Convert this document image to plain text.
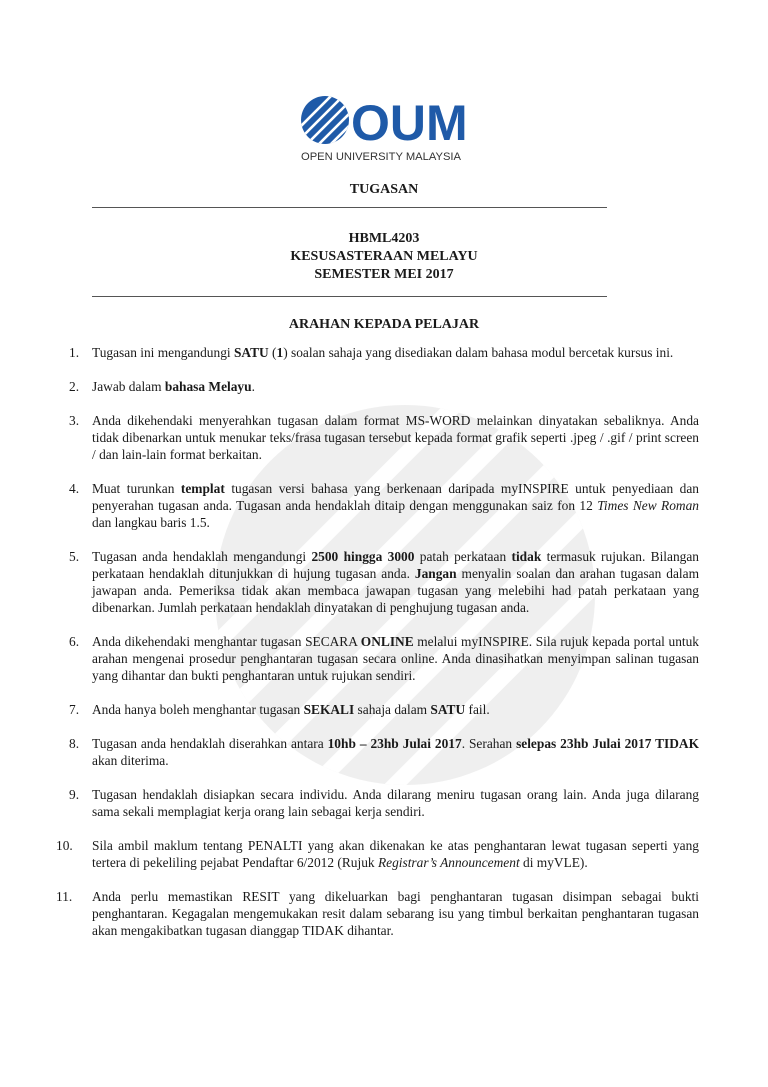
OUM
OPEN UNIVERSITY MALAYSIA
TUGASAN
HBML4203
KESUSASTERAAN MELAYU
SEMESTER MEI 2017
ARAHAN KEPADA PELAJAR
1. Tugasan ini mengandungi SATU (1) soalan sahaja yang disediakan dalam bahasa modul bercetak kursus ini.
2. Jawab dalam bahasa Melayu.
3. Anda dikehendaki menyerahkan tugasan dalam format MS-WORD melainkan dinyatakan sebaliknya. Anda tidak dibenarkan untuk menukar teks/frasa tugasan tersebut kepada format grafik seperti .jpeg / .gif / print screen / dan lain-lain format berkaitan.
4. Muat turunkan templat tugasan versi bahasa yang berkenaan daripada myINSPIRE untuk penyediaan dan penyerahan tugasan anda. Tugasan anda hendaklah ditaip dengan menggunakan saiz fon 12 Times New Roman dan langkau baris 1.5.
5. Tugasan anda hendaklah mengandungi 2500 hingga 3000 patah perkataan tidak termasuk rujukan. Bilangan perkataan hendaklah ditunjukkan di hujung tugasan anda. Jangan menyalin soalan dan arahan tugasan dalam jawapan anda. Pemeriksa tidak akan membaca jawapan tugasan yang melebihi had patah perkataan yang dibenarkan. Jumlah perkataan hendaklah dinyatakan di penghujung tugasan anda.
6. Anda dikehendaki menghantar tugasan SECARA ONLINE melalui myINSPIRE. Sila rujuk kepada portal untuk arahan mengenai prosedur penghantaran tugasan secara online. Anda dinasihatkan menyimpan salinan tugasan yang dihantar dan bukti penghantaran untuk rujukan sendiri.
7. Anda hanya boleh menghantar tugasan SEKALI sahaja dalam SATU fail.
8. Tugasan anda hendaklah diserahkan antara 10hb – 23hb Julai 2017. Serahan selepas 23hb Julai 2017 TIDAK akan diterima.
9. Tugasan hendaklah disiapkan secara individu. Anda dilarang meniru tugasan orang lain. Anda juga dilarang sama sekali memplagiat kerja orang lain sebagai kerja sendiri.
10. Sila ambil maklum tentang PENALTI yang akan dikenakan ke atas penghantaran lewat tugasan seperti yang tertera di pekeliling pejabat Pendaftar 6/2012 (Rujuk Registrar’s Announcement di myVLE).
11. Anda perlu memastikan RESIT yang dikeluarkan bagi penghantaran tugasan disimpan sebagai bukti penghantaran. Kegagalan mengemukakan resit dalam sebarang isu yang timbul berkaitan penghantaran tugasan akan mengakibatkan tugasan dianggap TIDAK dihantar.
